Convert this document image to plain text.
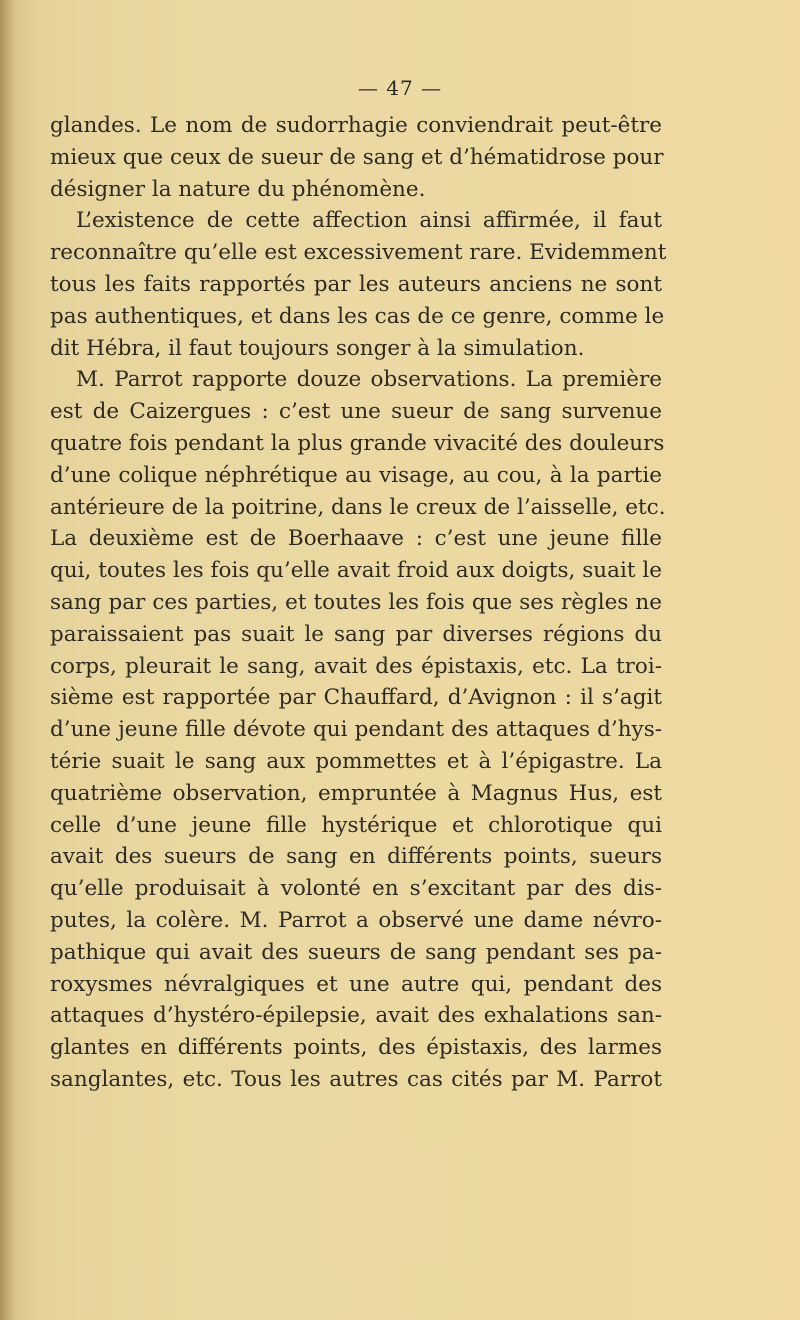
— 47 —
glandes. Le nom de sudorrhagie conviendrait peut-être
mieux que ceux de sueur de sang et d’hématidrose pour
désigner la nature du phénomène.
L’existence de cette affection ainsi affirmée, il faut
reconnaître qu’elle est excessivement rare. Evidemment
tous les faits rapportés par les auteurs anciens ne sont
pas authentiques, et dans les cas de ce genre, comme le
dit Hébra, il faut toujours songer à la simulation.
M. Parrot rapporte douze observations. La première
est de Caizergues : c’est une sueur de sang survenue
quatre fois pendant la plus grande vivacité des douleurs
d’une colique néphrétique au visage, au cou, à la partie
antérieure de la poitrine, dans le creux de l’aisselle, etc.
La deuxième est de Boerhaave : c’est une jeune fille
qui, toutes les fois qu’elle avait froid aux doigts, suait le
sang par ces parties, et toutes les fois que ses règles ne
paraissaient pas suait le sang par diverses régions du
corps, pleurait le sang, avait des épistaxis, etc. La troi-
sième est rapportée par Chauffard, d’Avignon : il s’agit
d’une jeune fille dévote qui pendant des attaques d’hys-
térie suait le sang aux pommettes et à l’épigastre. La
quatrième observation, empruntée à Magnus Hus, est
celle d’une jeune fille hystérique et chlorotique qui
avait des sueurs de sang en différents points, sueurs
qu’elle produisait à volonté en s’excitant par des dis-
putes, la colère. M. Parrot a observé une dame névro-
pathique qui avait des sueurs de sang pendant ses pa-
roxysmes névralgiques et une autre qui, pendant des
attaques d’hystéro-épilepsie, avait des exhalations san-
glantes en différents points, des épistaxis, des larmes
sanglantes, etc. Tous les autres cas cités par M. Parrot
